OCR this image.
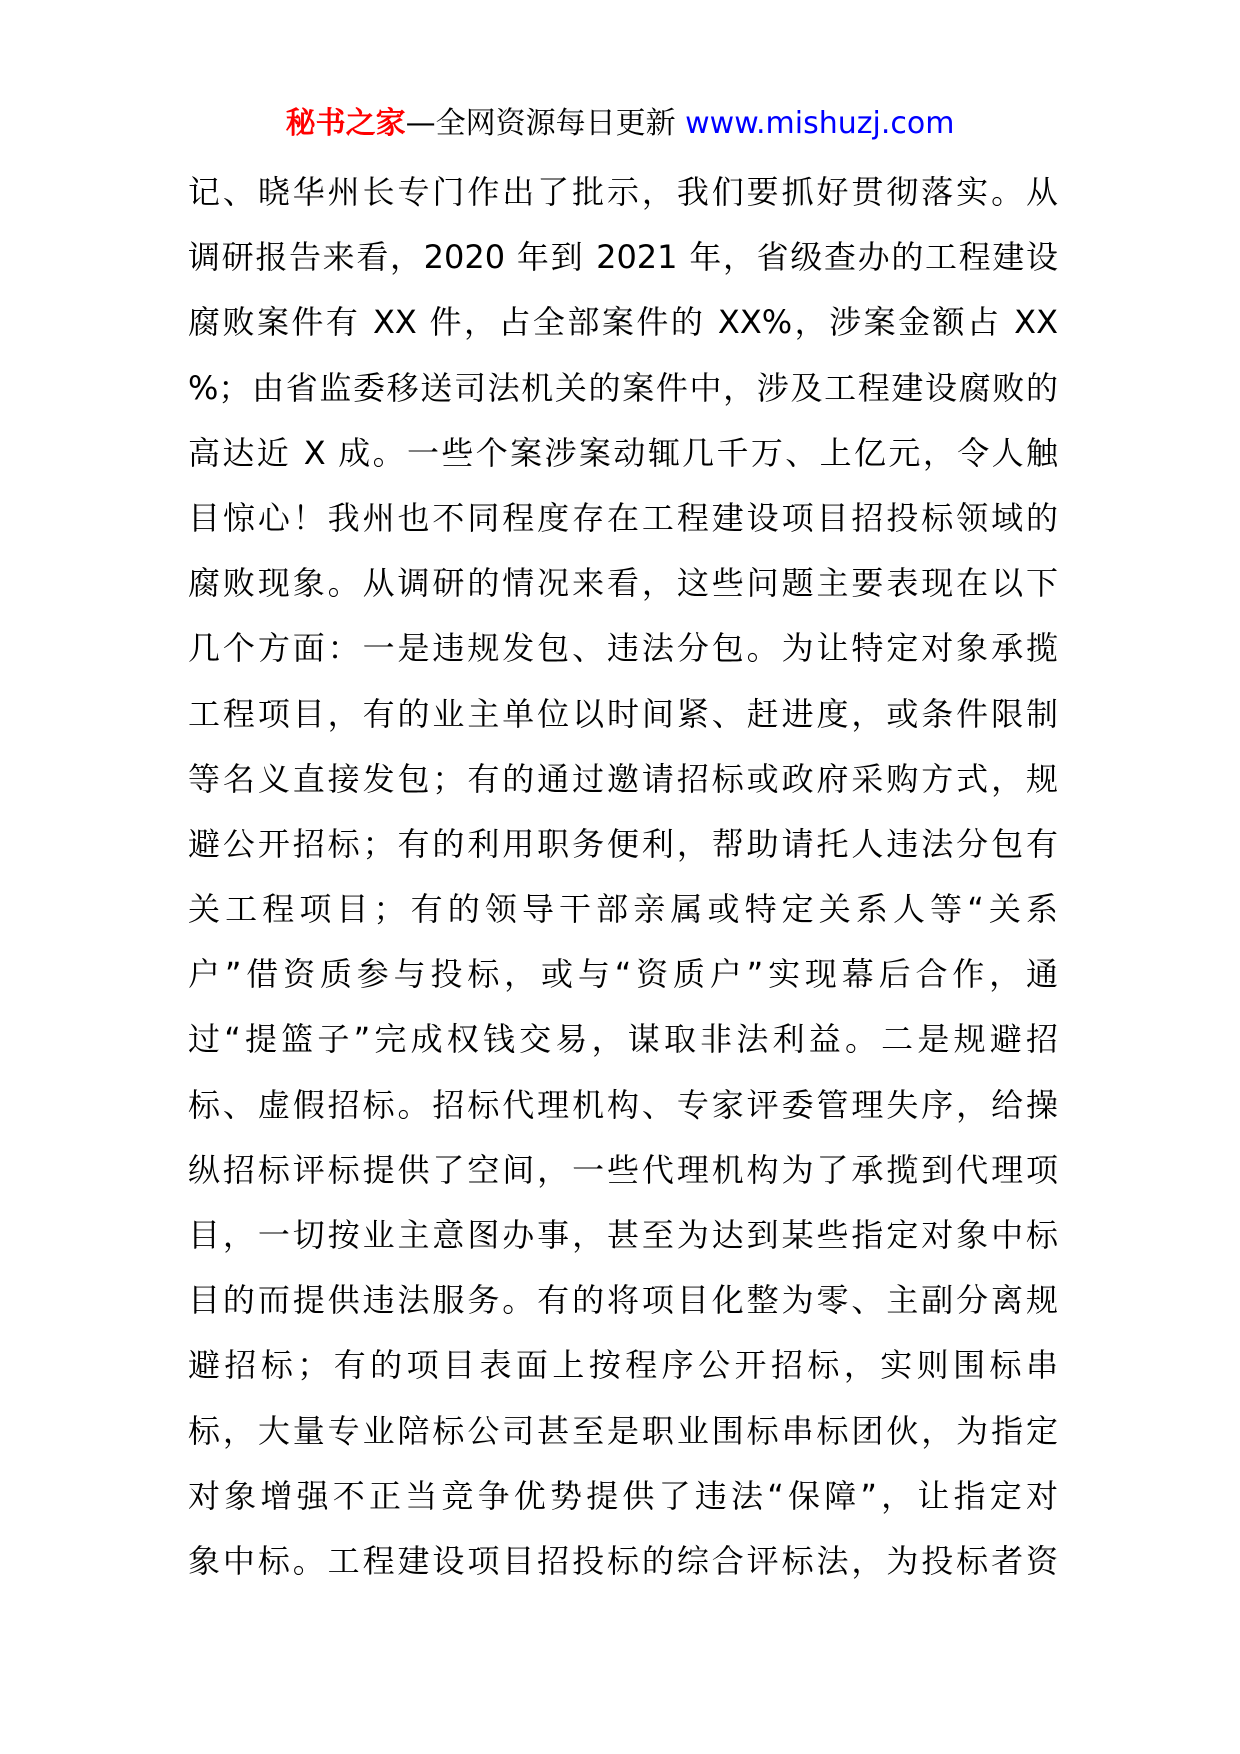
秘书之家—全网资源每日更新 www.mishuzj.com
记、晓华州长专门作出了批示，我们要抓好贯彻落实。从
调研报告来看，2020 年到 2021 年，省级查办的工程建设
腐败案件有 XX 件，占全部案件的 XX%，涉案金额占 XX
%；由省监委移送司法机关的案件中，涉及工程建设腐败的
高达近 X 成。一些个案涉案动辄几千万、上亿元，令人触
目惊心！我州也不同程度存在工程建设项目招投标领域的
腐败现象。从调研的情况来看，这些问题主要表现在以下
几个方面：一是违规发包、违法分包。为让特定对象承揽
工程项目，有的业主单位以时间紧、赶进度，或条件限制
等名义直接发包；有的通过邀请招标或政府采购方式，规
避公开招标；有的利用职务便利，帮助请托人违法分包有
关工程项目；有的领导干部亲属或特定关系人等“关系
户”借资质参与投标，或与“资质户”实现幕后合作，通
过“提篮子”完成权钱交易，谋取非法利益。二是规避招
标、虚假招标。招标代理机构、专家评委管理失序，给操
纵招标评标提供了空间，一些代理机构为了承揽到代理项
目，一切按业主意图办事，甚至为达到某些指定对象中标
目的而提供违法服务。有的将项目化整为零、主副分离规
避招标；有的项目表面上按程序公开招标，实则围标串
标，大量专业陪标公司甚至是职业围标串标团伙，为指定
对象增强不正当竞争优势提供了违法“保障”，让指定对
象中标。工程建设项目招投标的综合评标法，为投标者资
